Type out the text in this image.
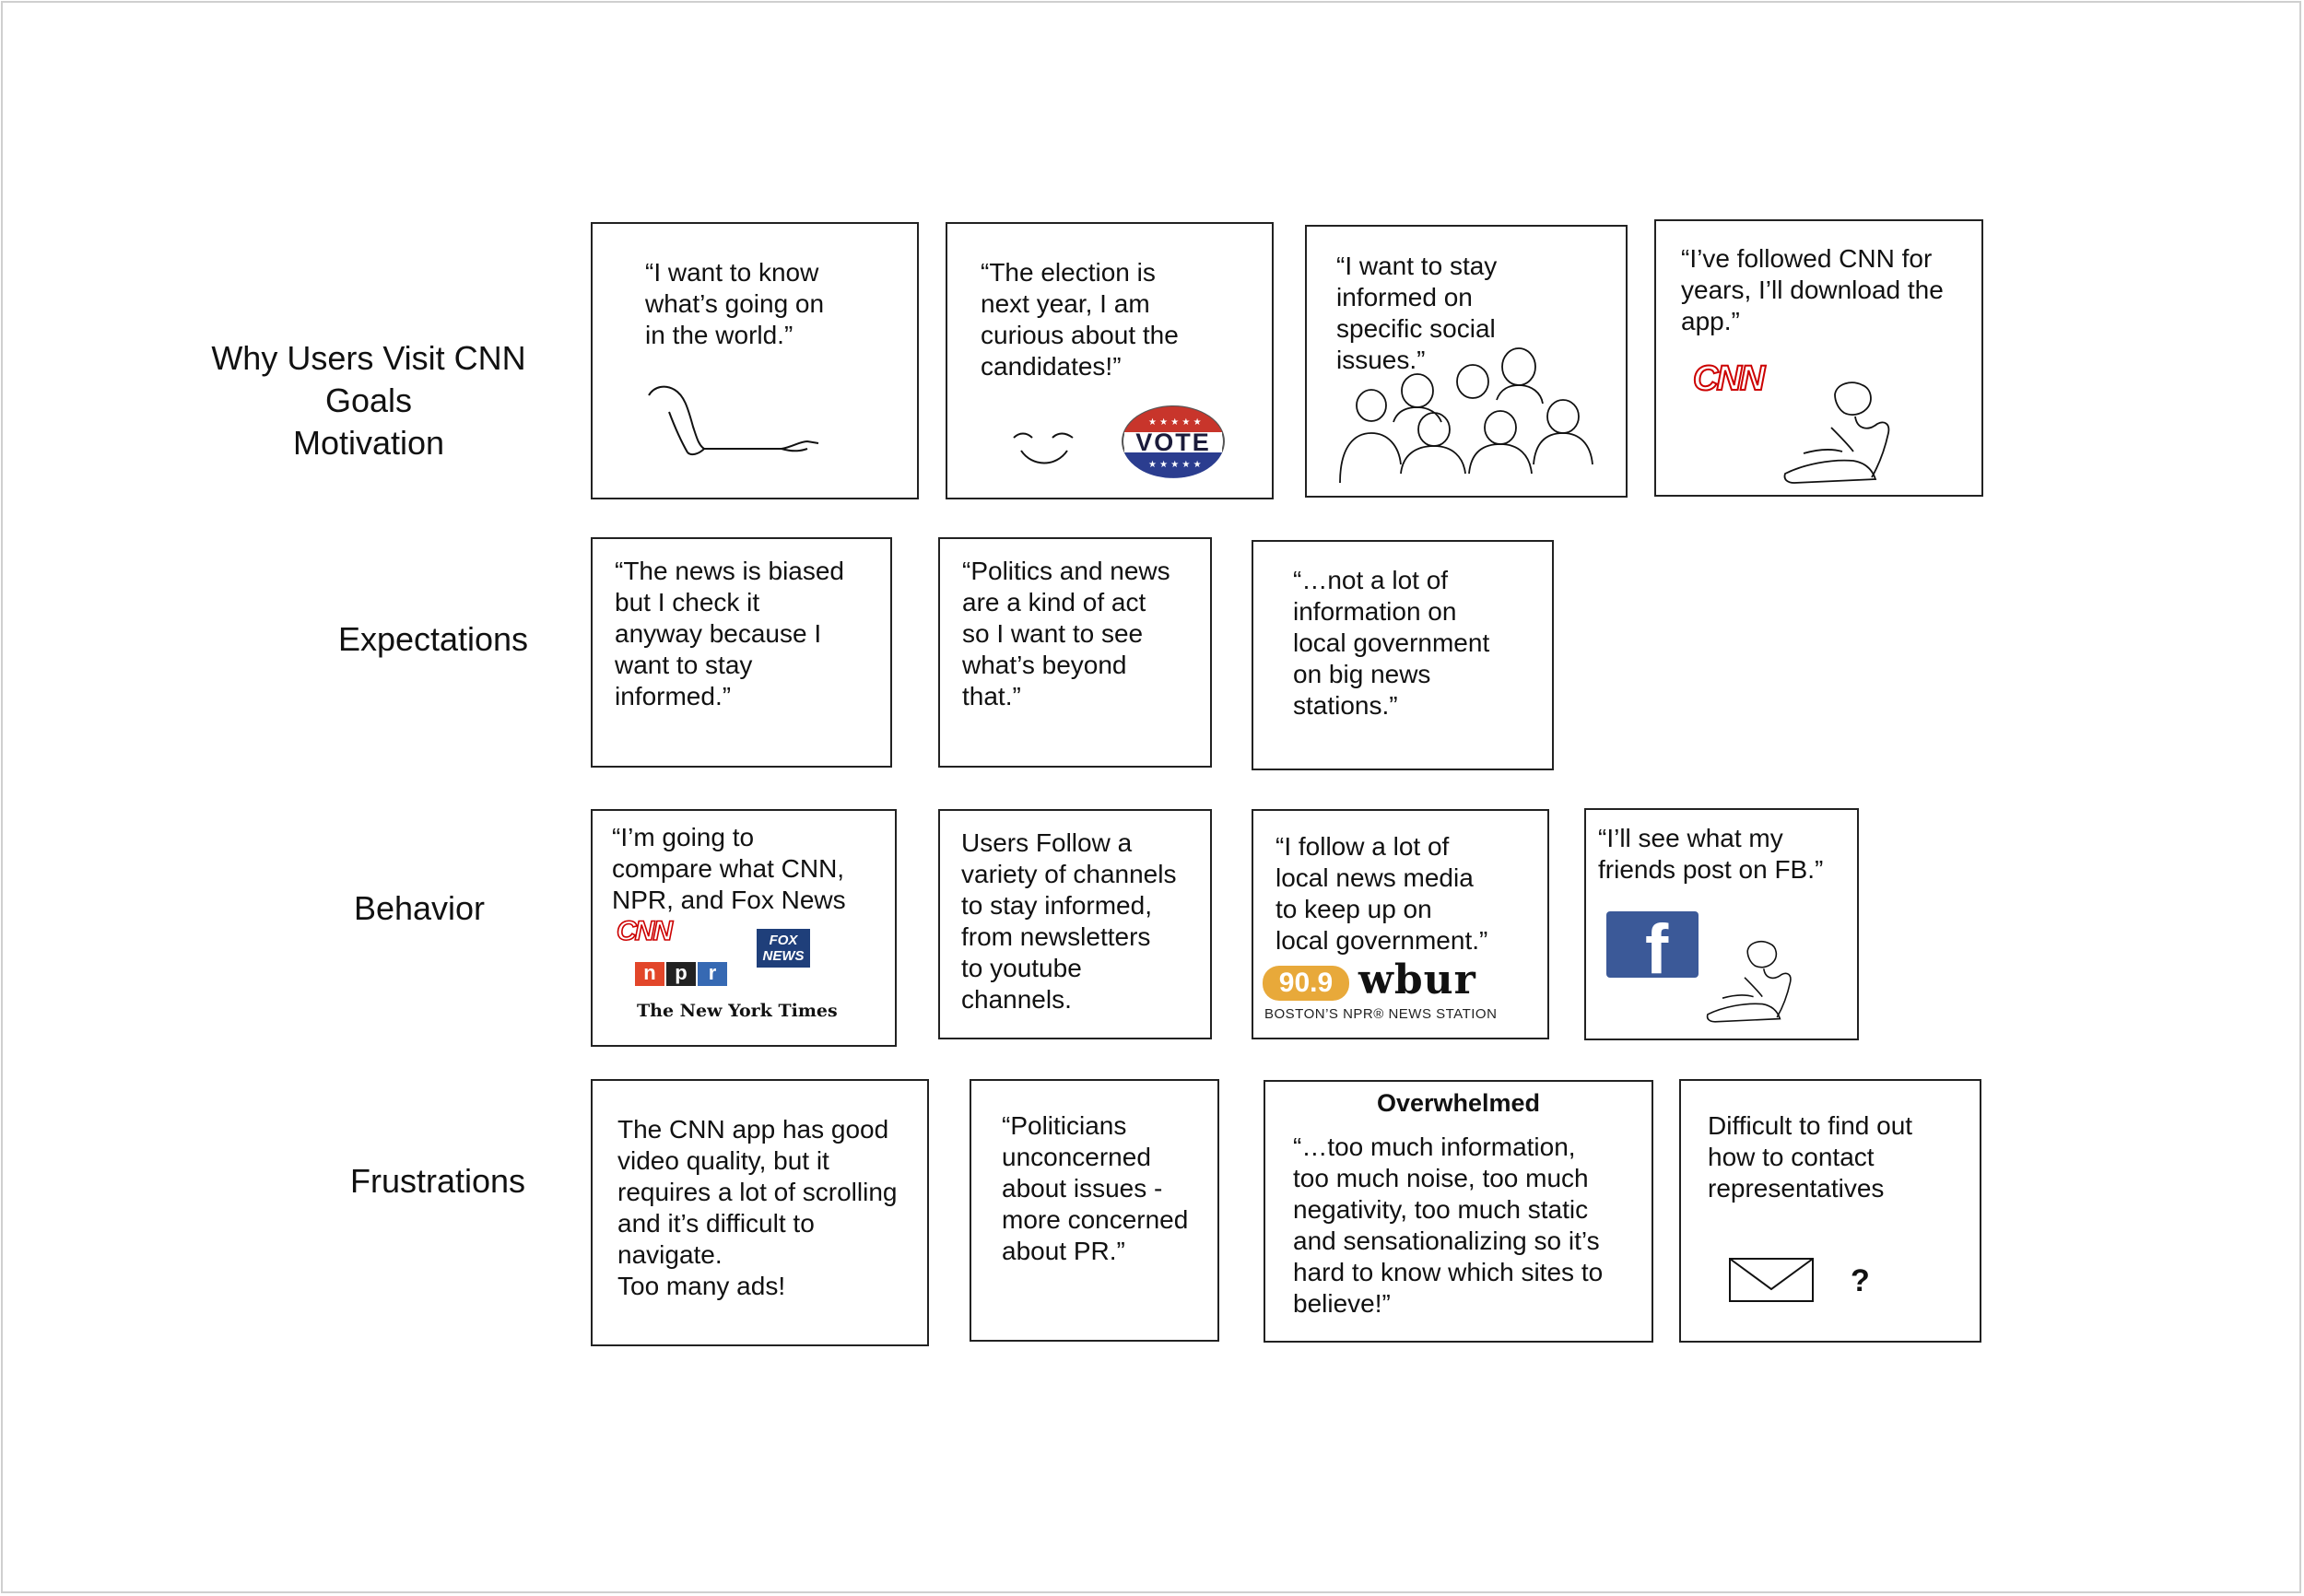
Why Users Visit CNN
Goals
Motivation
Expectations
Behavior
Frustrations
“I want to know
what’s going on
in the world.”
“The election is
next year, I am
curious about the
candidates!”
★ ★ ★ ★ ★
★ ★ ★ ★ ★
VOTE
“I want to stay
informed on
specific social
issues.”
“I’ve followed CNN for
years, I’ll download the
app.”
CNN
“The news is biased
but I check it
anyway because I
want to stay
informed.”
“Politics and news
are a kind of act
so I want to see
what’s beyond
that.”
“…not a lot of
information on
local government
on big news
stations.”
“I’m going to
compare what CNN,
NPR, and Fox News
CNN	FOX
NEWS
n p	r
The New York Times
Users Follow a
variety of channels
to stay informed,
from newsletters
to youtube
channels.
“I follow a lot of
local news media
to keep up on
local government.”
90.9 wbur
BOSTON’S NPR® NEWS STATION
“I’ll see what my
friends post on FB.”
f
The CNN app has good
video quality, but it
requires a lot of scrolling
and it’s difficult to
navigate.
Too many ads!
“Politicians
unconcerned
about issues -
more concerned
about PR.”
Overwhelmed
“…too much information,
too much noise, too much
negativity, too much static
and sensationalizing so it’s
hard to know which sites to
believe!”
Difficult to find out
how to contact
representatives
?
